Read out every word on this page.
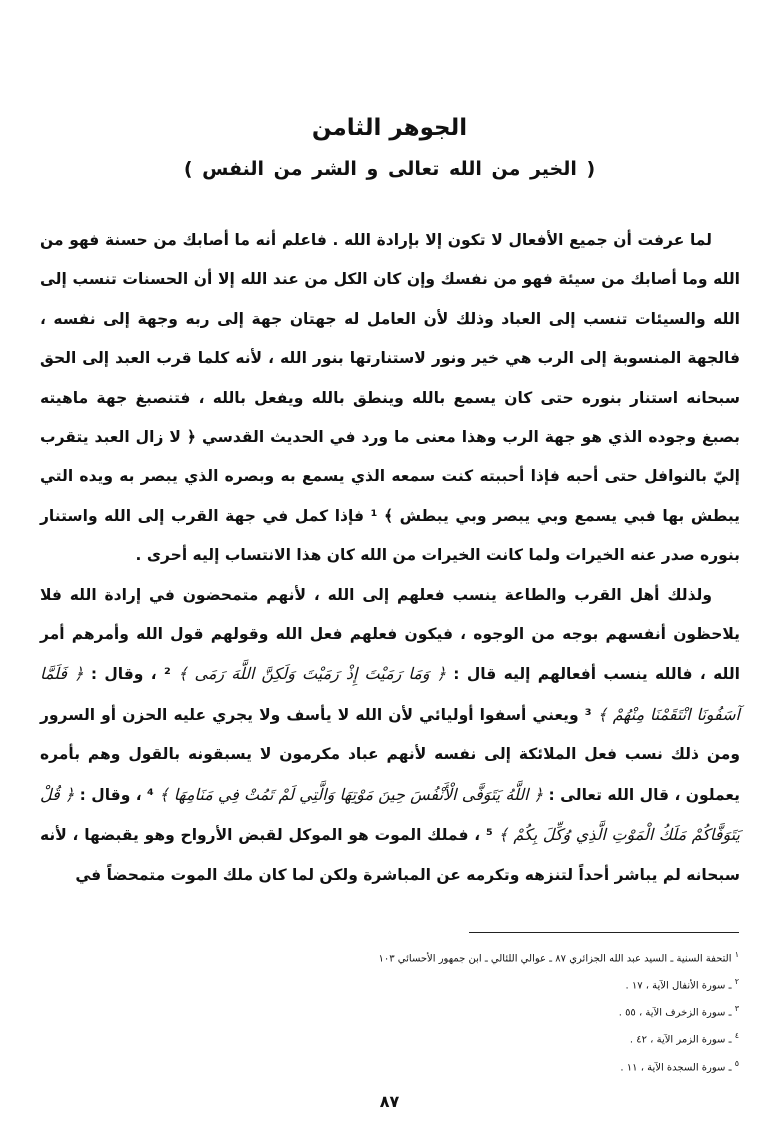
الجوهر الثامن
( الخير من الله تعالى و الشر من النفس )

لما عرفت أن جميع الأفعال لا تكون إلا بإرادة الله . فاعلم أنه ما أصابك من حسنة فهو من الله وما أصابك من سيئة فهو من نفسك وإن كان الكل من عند الله إلا أن الحسنات تنسب إلى الله والسيئات تنسب إلى العباد وذلك لأن العامل له جهتان جهة إلى ربه وجهة إلى نفسه ، فالجهة المنسوبة إلى الرب هي خير ونور لاستنارتها بنور الله ، لأنه كلما قرب العبد إلى الحق سبحانه استنار بنوره حتى كان يسمع بالله وينطق بالله ويفعل بالله ، فتنصبغ جهة ماهيته بصبغ وجوده الذي هو جهة الرب وهذا معنى ما ورد في الحديث القدسي ﴿ لا زال العبد يتقرب إليّ بالنوافل حتى أحبه فإذا أحببته كنت سمعه الذي يسمع به وبصره الذي يبصر به ويده التي يبطش بها فبي يسمع وبي يبصر وبي يبطش ﴾ ¹ فإذا كمل في جهة القرب إلى الله واستنار بنوره صدر عنه الخيرات ولما كانت الخيرات من الله كان هذا الانتساب إليه أحرى .

ولذلك أهل القرب والطاعة ينسب فعلهم إلى الله ، لأنهم متمحضون في إرادة الله فلا يلاحظون أنفسهم بوجه من الوجوه ، فيكون فعلهم فعل الله وقولهم قول الله وأمرهم أمر الله ، فالله ينسب أفعالهم إليه قال : ﴿ وَمَا رَمَيْتَ إِذْ رَمَيْتَ وَلَكِنَّ اللَّهَ رَمَى ﴾ ² ، وقال : ﴿ فَلَمَّا آسَفُونَا انْتَقَمْنَا مِنْهُمْ ﴾ ³ ويعني أسفوا أوليائي لأن الله لا يأسف ولا يجري عليه الحزن أو السرور ومن ذلك نسب فعل الملائكة إلى نفسه لأنهم عباد مكرمون لا يسبقونه بالقول وهم بأمره يعملون ، قال الله تعالى : ﴿ اللَّهُ يَتَوَفَّى الْأَنْفُسَ حِينَ مَوْتِهَا وَالَّتِي لَمْ تَمُتْ فِي مَنَامِهَا ﴾ ⁴ ، وقال : ﴿ قُلْ يَتَوَفَّاكُمْ مَلَكُ الْمَوْتِ الَّذِي وُكِّلَ بِكُمْ ﴾ ⁵ ، فملك الموت هو الموكل لقبض الأرواح وهو يقبضها ، لأنه سبحانه لم يباشر أحداً لتنزهه وتكرمه عن المباشرة ولكن لما كان ملك الموت متمحضاً في

$^١$ التحفة السنية ـ السيد عبد الله الجزائري ٨٧ ـ عوالي اللئالي ـ ابن جمهور الأحسائي ١٠٣
$^٢$ ـ سورة الأنفال الآية ، ١٧ .
$^٣$ ـ سورة الزخرف الآية ، ٥٥ .
$^٤$ ـ سورة الزمر الآية ، ٤٢ .
$^٥$ ـ سورة السجدة الآية ، ١١ .
٨٧
